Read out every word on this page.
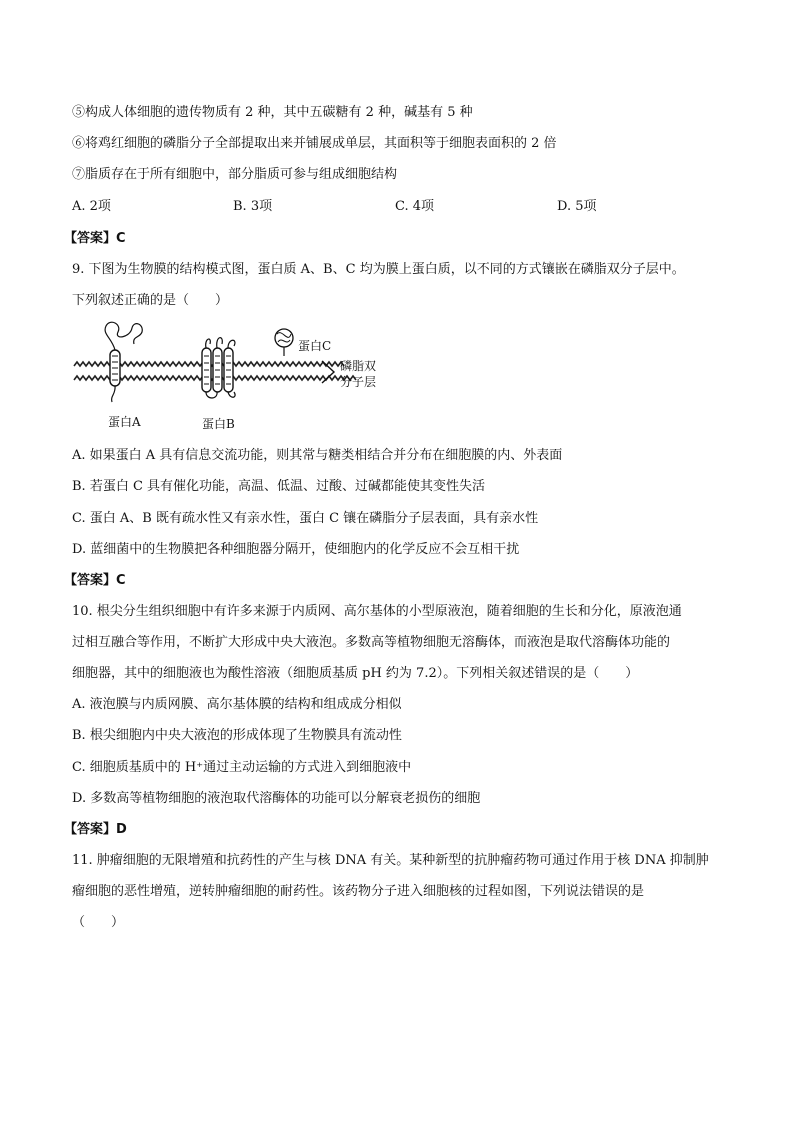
⑤构成人体细胞的遗传物质有 2 种，其中五碳糖有 2 种，碱基有 5 种
⑥将鸡红细胞的磷脂分子全部提取出来并铺展成单层，其面积等于细胞表面积的 2 倍
⑦脂质存在于所有细胞中，部分脂质可参与组成细胞结构
A. 2项	B. 3项	C. 4项	D. 5项
【答案】C
9. 下图为生物膜的结构模式图，蛋白质 A、B、C 均为膜上蛋白质，以不同的方式镶嵌在磷脂双分子层中。
下列叙述正确的是（　　）
蛋白A	蛋白B
蛋白C
磷脂双
分子层
A. 如果蛋白 A 具有信息交流功能，则其常与糖类相结合并分布在细胞膜的内、外表面
B. 若蛋白 C 具有催化功能，高温、低温、过酸、过碱都能使其变性失活
C. 蛋白 A、B 既有疏水性又有亲水性，蛋白 C 镶在磷脂分子层表面，具有亲水性
D. 蓝细菌中的生物膜把各种细胞器分隔开，使细胞内的化学反应不会互相干扰
【答案】C
10. 根尖分生组织细胞中有许多来源于内质网、高尔基体的小型原液泡，随着细胞的生长和分化，原液泡通
过相互融合等作用，不断扩大形成中央大液泡。多数高等植物细胞无溶酶体，而液泡是取代溶酶体功能的
细胞器，其中的细胞液也为酸性溶液（细胞质基质 pH 约为 7.2）。下列相关叙述错误的是（　　）
A. 液泡膜与内质网膜、高尔基体膜的结构和组成成分相似
B. 根尖细胞内中央大液泡的形成体现了生物膜具有流动性
C. 细胞质基质中的 H⁺通过主动运输的方式进入到细胞液中
D. 多数高等植物细胞的液泡取代溶酶体的功能可以分解衰老损伤的细胞
【答案】D
11. 肿瘤细胞的无限增殖和抗药性的产生与核 DNA 有关。某种新型的抗肿瘤药物可通过作用于核 DNA 抑制肿
瘤细胞的恶性增殖，逆转肿瘤细胞的耐药性。该药物分子进入细胞核的过程如图，下列说法错误的是
（　　）
